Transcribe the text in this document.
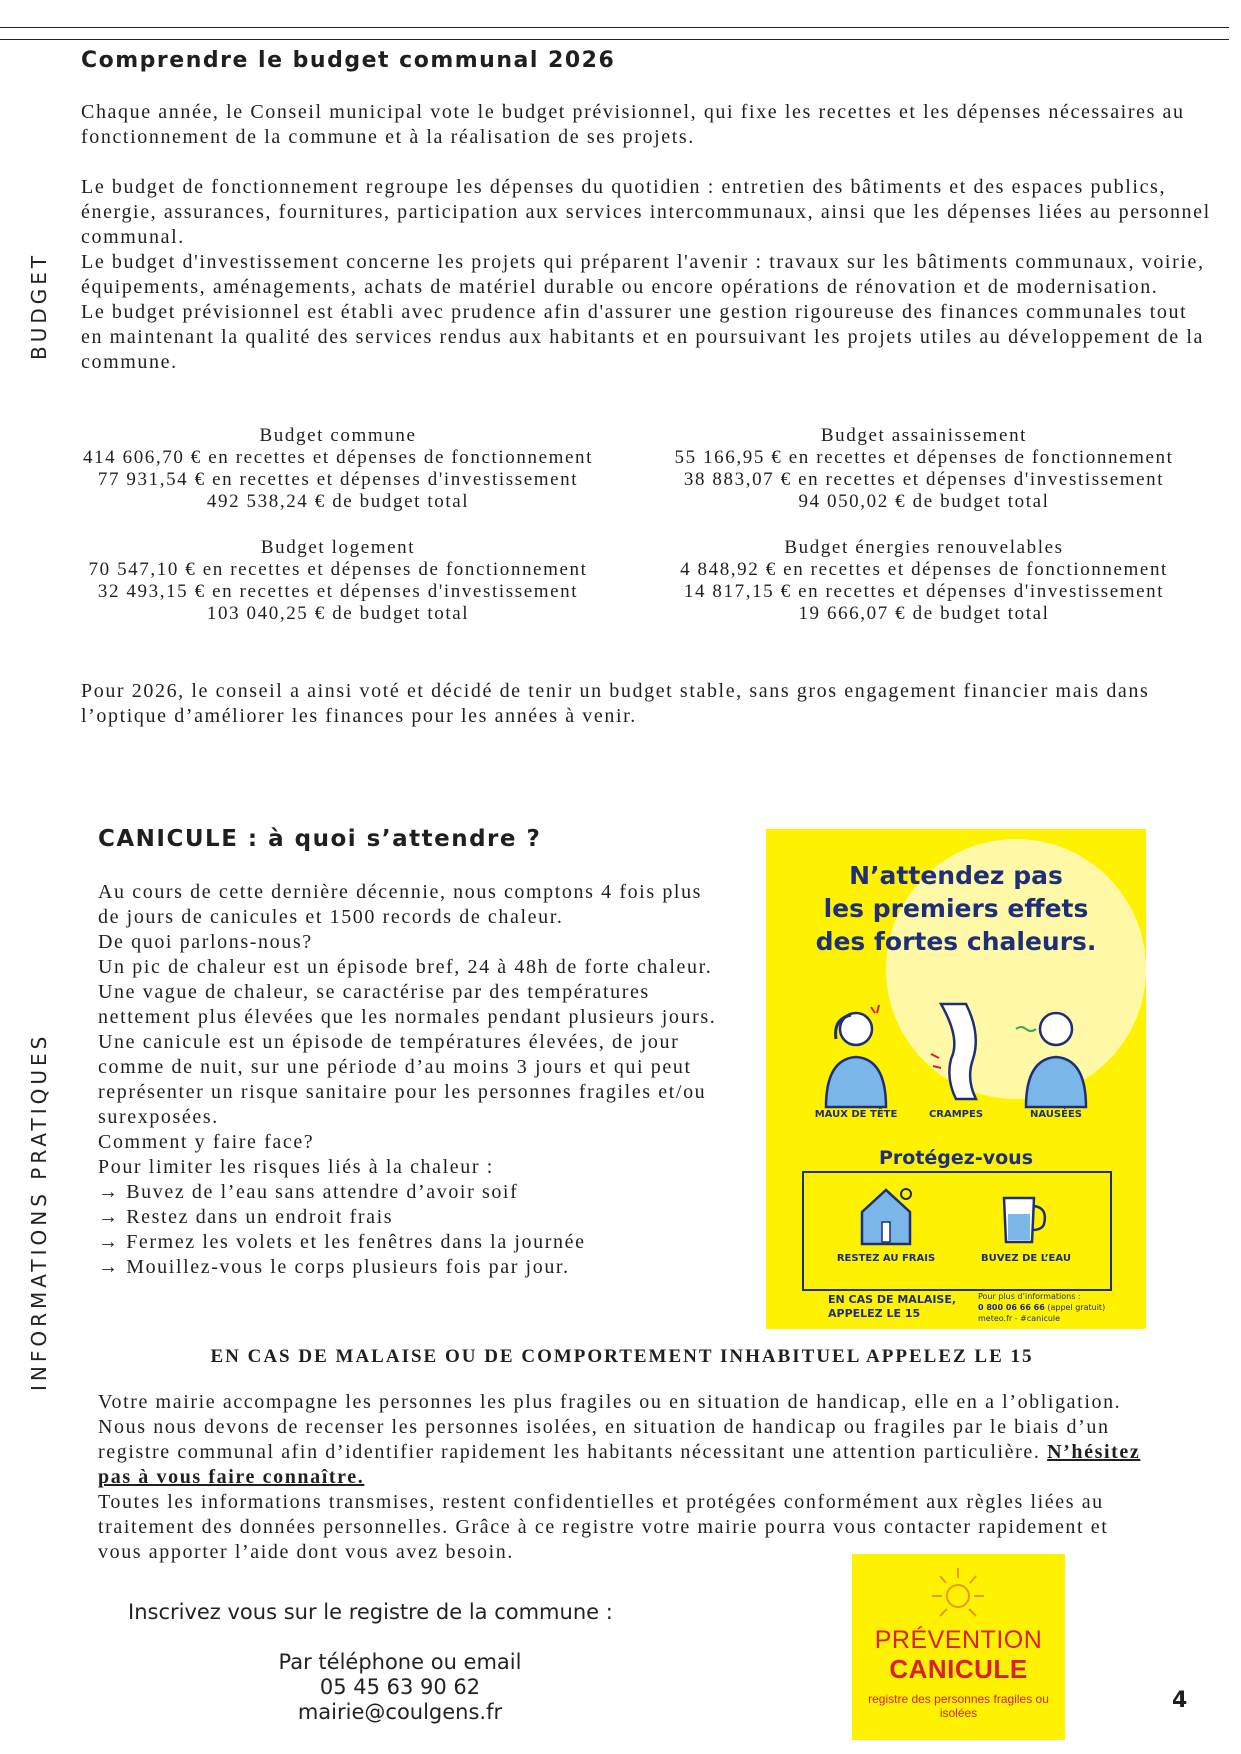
BUDGET
INFORMATIONS PRATIQUES
Comprendre le budget communal 2026

Chaque année, le Conseil municipal vote le budget prévisionnel, qui fixe les recettes et les dépenses nécessaires au fonctionnement de la commune et à la réalisation de ses projets.

Le budget de fonctionnement regroupe les dépenses du quotidien : entretien des bâtiments et des espaces publics, énergie, assurances, fournitures, participation aux services intercommunaux, ainsi que les dépenses liées au personnel communal.

Le budget d'investissement concerne les projets qui préparent l'avenir : travaux sur les bâtiments communaux, voirie, équipements, aménagements, achats de matériel durable ou encore opérations de rénovation et de modernisation.

Le budget prévisionnel est établi avec prudence afin d'assurer une gestion rigoureuse des finances communales tout en maintenant la qualité des services rendus aux habitants et en poursuivant les projets utiles au développement de la commune.

Budget commune
414 606,70 € en recettes et dépenses de fonctionnement
77 931,54 € en recettes et dépenses d'investissement
492 538,24 € de budget total
Budget assainissement
55 166,95 € en recettes et dépenses de fonctionnement
38 883,07 € en recettes et dépenses d'investissement
94 050,02 € de budget total
Budget logement
70 547,10 € en recettes et dépenses de fonctionnement
32 493,15 € en recettes et dépenses d'investissement
103 040,25 € de budget total
Budget énergies renouvelables
4 848,92 € en recettes et dépenses de fonctionnement
14 817,15 € en recettes et dépenses d'investissement
19 666,07 € de budget total
Pour 2026, le conseil a ainsi voté et décidé de tenir un budget stable, sans gros engagement financier mais dans l’optique d’améliorer les finances pour les années à venir.
CANICULE : à quoi s’attendre ?

Au cours de cette dernière décennie, nous comptons 4 fois plus de jours de canicules et 1500 records de chaleur.

De quoi parlons-nous?

Un pic de chaleur est un épisode bref, 24 à 48h de forte chaleur. Une vague de chaleur, se caractérise par des températures nettement plus élevées que les normales pendant plusieurs jours. Une canicule est un épisode de températures élevées, de jour comme de nuit, sur une période d’au moins 3 jours et qui peut représenter un risque sanitaire pour les personnes fragiles et/ou surexposées.

Comment y faire face?

Pour limiter les risques liés à la chaleur :

→ Buvez de l’eau sans attendre d’avoir soif
→ Restez dans un endroit frais
→ Fermez les volets et les fenêtres dans la journée
→ Mouillez-vous le corps plusieurs fois par jour.
N’attendez pas
les premiers effets
des fortes chaleurs.
MAUX DE TÊTE	CRAMPES	NAUSÉES
Protégez-vous
RESTEZ AU FRAIS	BUVEZ DE L’EAU
EN CAS DE MALAISE,
APPELEZ LE 15
Pour plus d’informations :
0 800 06 66 66 (appel gratuit)
meteo.fr - #canicule
EN CAS DE MALAISE OU DE COMPORTEMENT INHABITUEL APPELEZ LE 15

Votre mairie accompagne les personnes les plus fragiles ou en situation de handicap, elle en a l’obligation. Nous nous devons de recenser les personnes isolées, en situation de handicap ou fragiles par le biais d’un registre communal afin d’identifier rapidement les habitants nécessitant une attention particulière. N’hésitez pas à vous faire connaître.

Toutes les informations transmises, restent confidentielles et protégées conformément aux règles liées au traitement des données personnelles. Grâce à ce registre votre mairie pourra vous contacter rapidement et vous apporter l’aide dont vous avez besoin.

Inscrivez vous sur le registre de la commune :
Par téléphone ou email
05 45 63 90 62
mairie@coulgens.fr
PRÉVENTION
CANICULE
registre des personnes fragiles ou isolées	4
